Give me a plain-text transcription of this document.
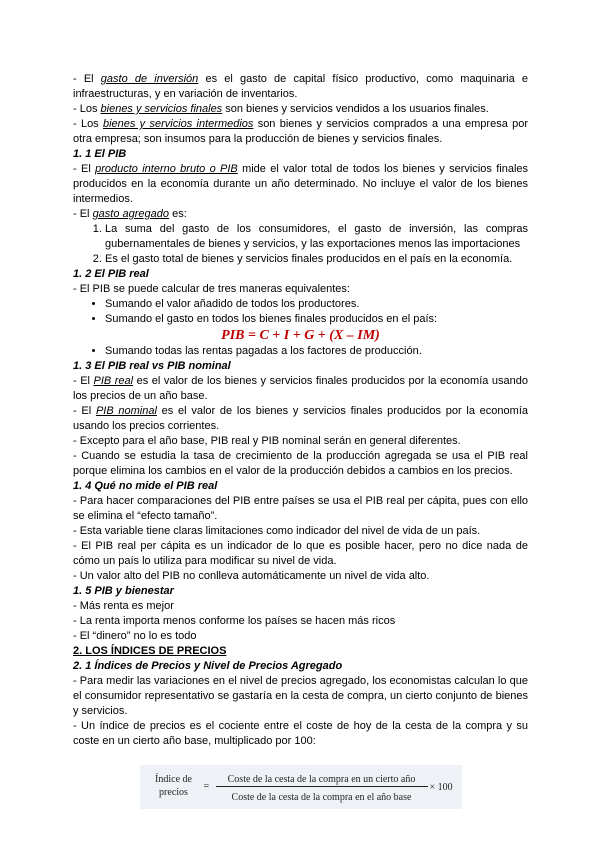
- El gasto de inversión es el gasto de capital físico productivo, como maquinaria e infraestructuras, y en variación de inventarios.

- Los bienes y servicios finales son bienes y servicios vendidos a los usuarios finales.

- Los bienes y servicios intermedios son bienes y servicios comprados a una empresa por otra empresa; son insumos para la producción de bienes y servicios finales.

1. 1 El PIB

- El producto interno bruto o PIB mide el valor total de todos los bienes y servicios finales producidos en la economía durante un año determinado. No incluye el valor de los bienes intermedios.

- El gasto agregado es:

1. La suma del gasto de los consumidores, el gasto de inversión, las compras gubernamentales de bienes y servicios, y las exportaciones menos las importaciones
2. Es el gasto total de bienes y servicios finales producidos en el país en la economía.

1. 2 El PIB real

- El PIB se puede calcular de tres maneras equivalentes:

• Sumando el valor añadido de todos los productores.
• Sumando el gasto en todos los bienes finales producidos en el país:

PIB = C + I + G + (X – IM)

• Sumando todas las rentas pagadas a los factores de producción.

1. 3 El PIB real vs PIB nominal

- El PIB real es el valor de los bienes y servicios finales producidos por la economía usando los precios de un año base.

- El PIB nominal es el valor de los bienes y servicios finales producidos por la economía usando los precios corrientes.

- Excepto para el año base, PIB real y PIB nominal serán en general diferentes.

- Cuando se estudia la tasa de crecimiento de la producción agregada se usa el PIB real porque elimina los cambios en el valor de la producción debidos a cambios en los precios.

1. 4 Qué no mide el PIB real

- Para hacer comparaciones del PIB entre países se usa el PIB real per cápita, pues con ello se elimina el “efecto tamaño”.

- Esta variable tiene claras limitaciones como indicador del nivel de vida de un país.

- El PIB real per cápita es un indicador de lo que es posible hacer, pero no dice nada de cómo un país lo utiliza para modificar su nivel de vida.

- Un valor alto del PIB no conlleva automáticamente un nivel de vida alto.

1. 5 PIB y bienestar

- Más renta es mejor

- La renta importa menos conforme los países se hacen más ricos

- El “dinero” no lo es todo

2. LOS ÍNDICES DE PRECIOS

2. 1 Índices de Precios y Nivel de Precios Agregado

- Para medir las variaciones en el nivel de precios agregado, los economistas calculan lo que el consumidor representativo se gastaría en la cesta de compra, un cierto conjunto de bienes y servicios.

- Un índice de precios es el cociente entre el coste de hoy de la cesta de la compra y su coste en un cierto año base, multiplicado por 100:

Índice de
precios
=
Coste de la cesta de la compra en un cierto año
Coste de la cesta de la compra en el año base
× 100
